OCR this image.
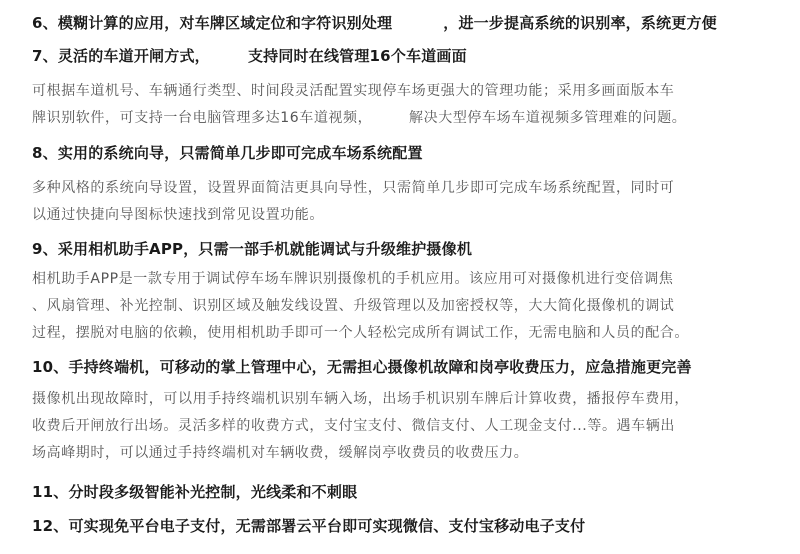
6、模糊计算的应用，对车牌区域定位和字符识别处理 　　　，进一步提高系统的识别率，系统更方便
7、灵活的车道开闸方式，　　　支持同时在线管理16个车道画面
可根据车道机号、车辆通行类型、时间段灵活配置实现停车场更强大的管理功能；采用多画面版本车
牌识别软件，可支持一台电脑管理多达16车道视频，　　　解决大型停车场车道视频多管理难的问题。
8、实用的系统向导，只需简单几步即可完成车场系统配置
多种风格的系统向导设置，设置界面简洁更具向导性，只需简单几步即可完成车场系统配置，同时可
以通过快捷向导图标快速找到常见设置功能。
9、采用相机助手APP，只需一部手机就能调试与升级维护摄像机
相机助手APP是一款专用于调试停车场车牌识别摄像机的手机应用。该应用可对摄像机进行变倍调焦
、风扇管理、补光控制、识别区域及触发线设置、升级管理以及加密授权等，大大简化摄像机的调试
过程，摆脱对电脑的依赖，使用相机助手即可一个人轻松完成所有调试工作，无需电脑和人员的配合。
10、手持终端机，可移动的掌上管理中心，无需担心摄像机故障和岗亭收费压力，应急措施更完善
摄像机出现故障时，可以用手持终端机识别车辆入场，出场手机识别车牌后计算收费，播报停车费用，
收费后开闸放行出场。灵活多样的收费方式，支付宝支付、微信支付、人工现金支付...等。遇车辆出
场高峰期时，可以通过手持终端机对车辆收费，缓解岗亭收费员的收费压力。
11、分时段多级智能补光控制，光线柔和不刺眼
12、可实现免平台电子支付，无需部署云平台即可实现微信、支付宝移动电子支付
